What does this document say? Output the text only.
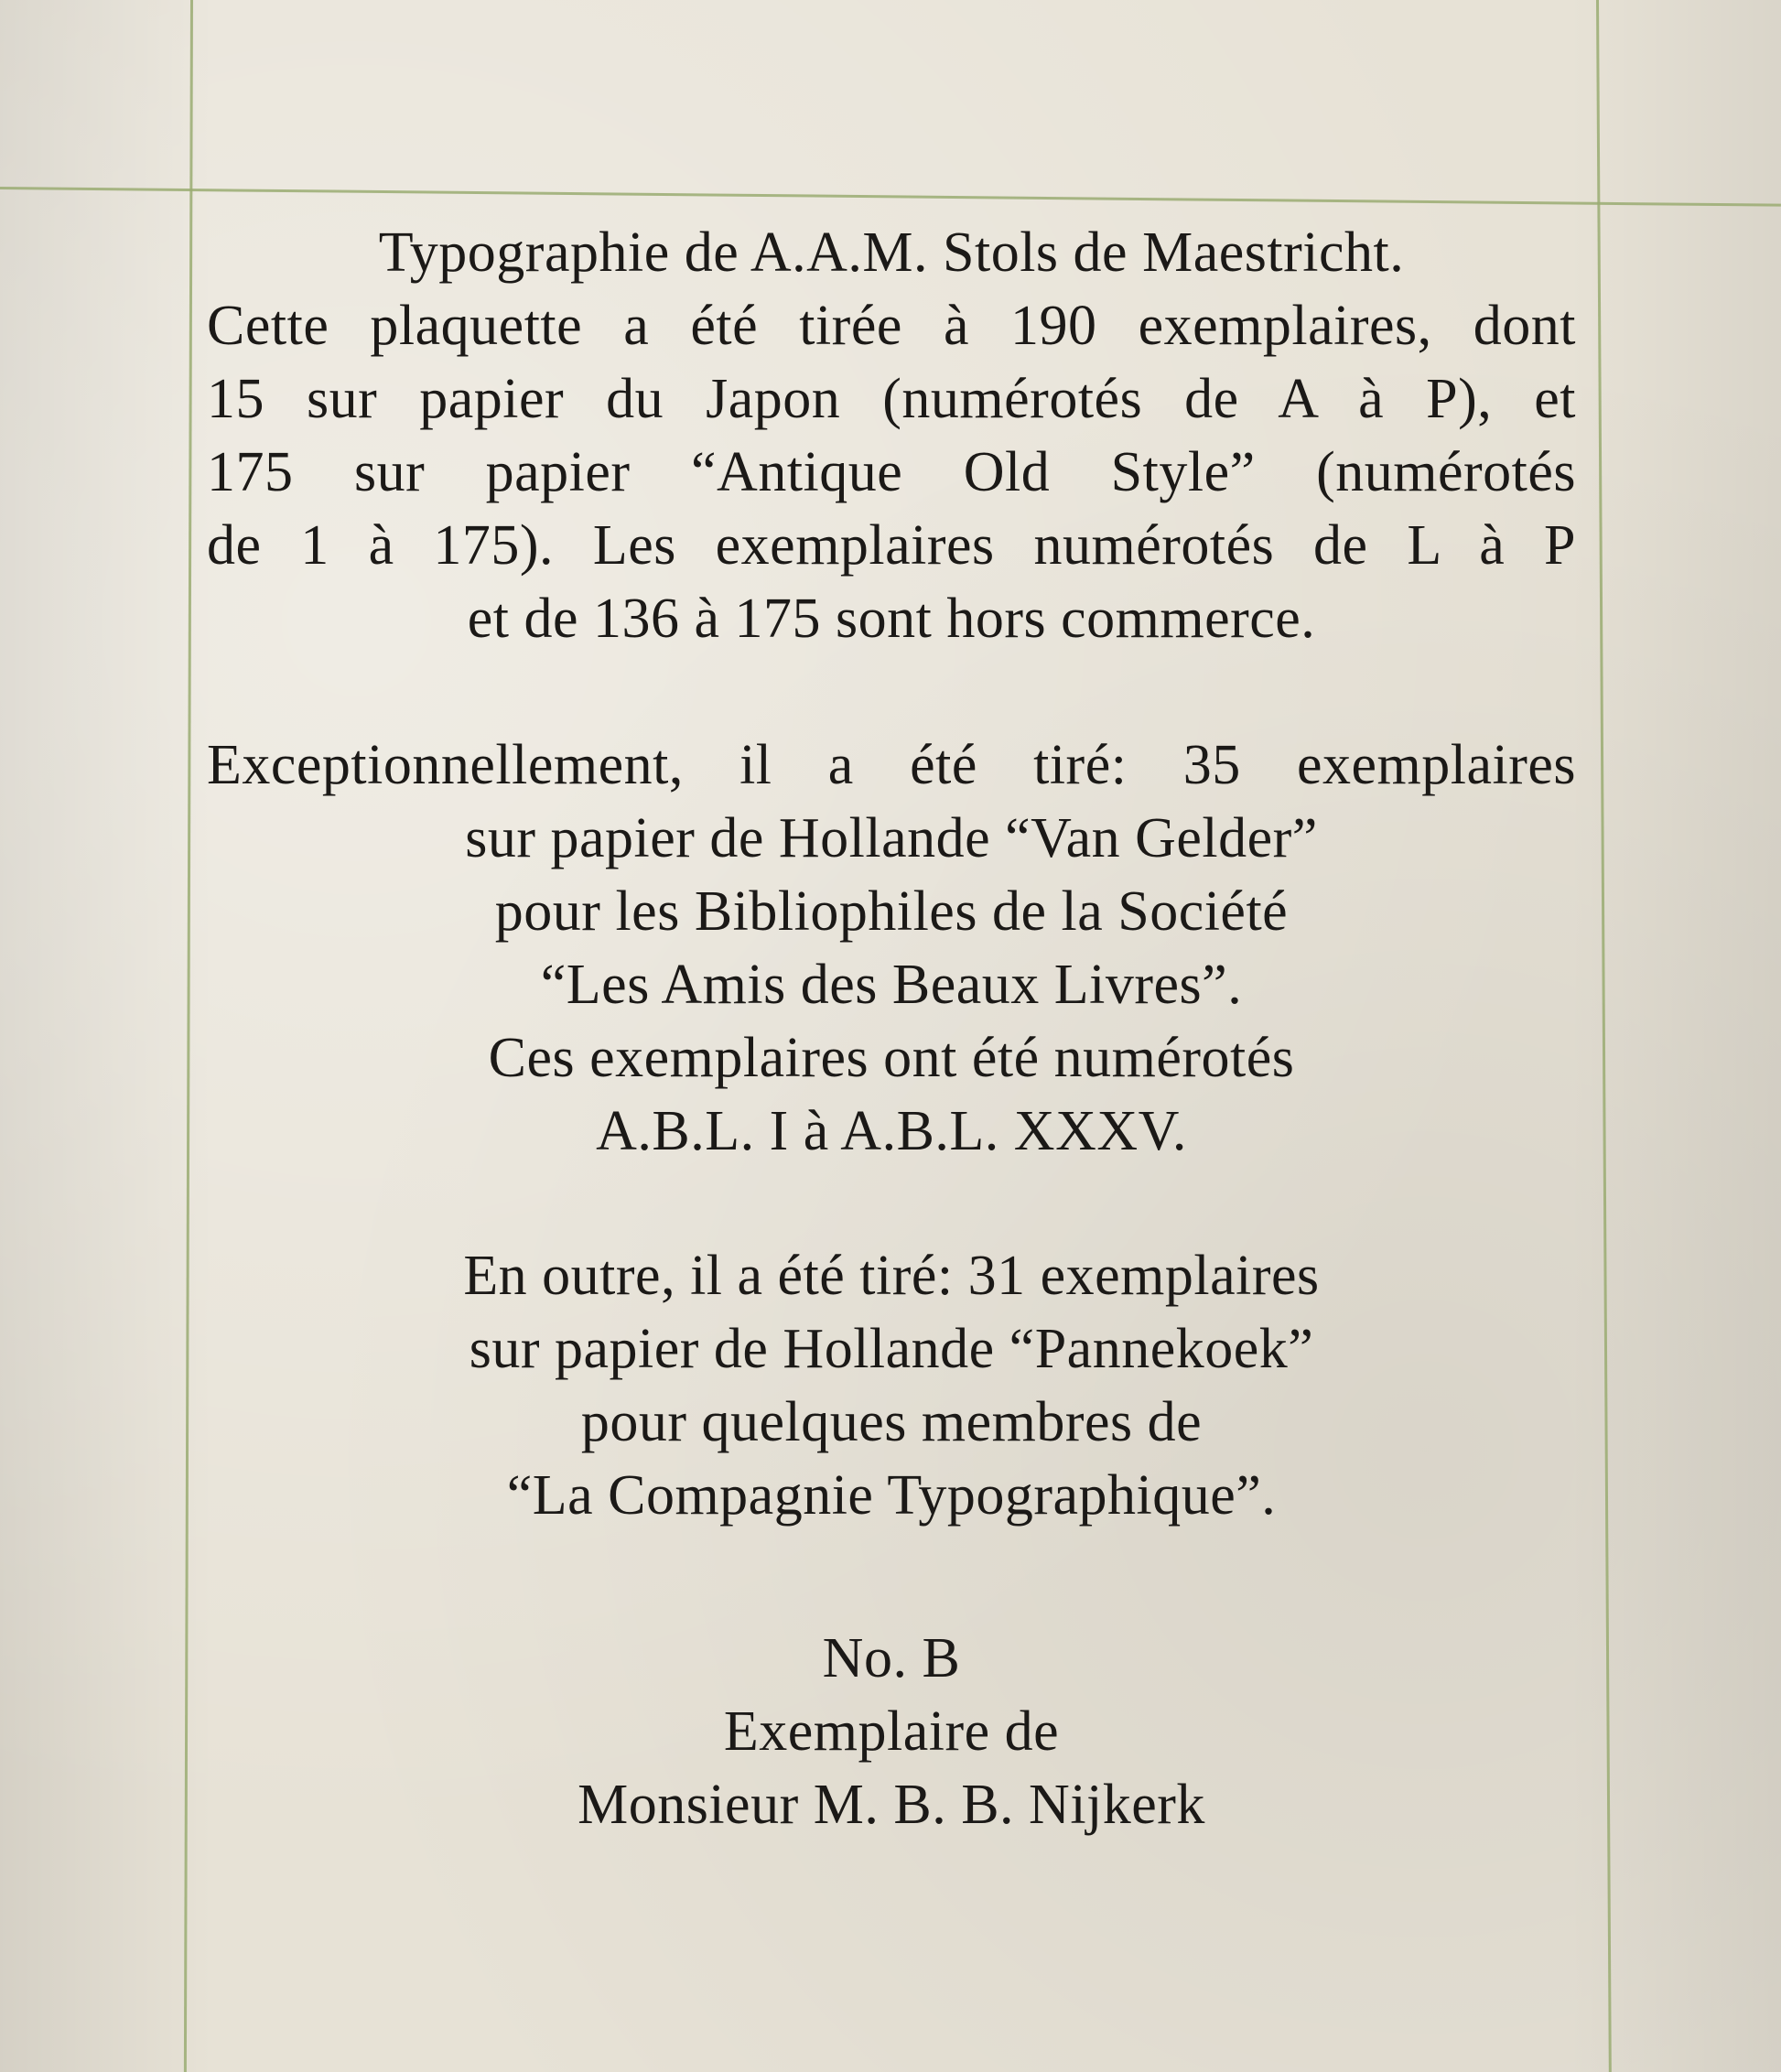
Typographie de A.A.M. Stols de Maestricht.
Cette plaquette a été tirée à 190 exemplaires, dont
15 sur papier du Japon (numérotés de A à P), et
175 sur papier “Antique Old Style” (numérotés
de 1 à 175). Les exemplaires numérotés de L à P
et de 136 à 175 sont hors commerce.
Exceptionnellement, il a été tiré: 35 exemplaires
sur papier de Hollande “Van Gelder”
pour les Bibliophiles de la Société
“Les Amis des Beaux Livres”.
Ces exemplaires ont été numérotés
A.B.L. I à A.B.L. XXXV.
En outre, il a été tiré: 31 exemplaires
sur papier de Hollande “Pannekoek”
pour quelques membres de
“La Compagnie Typographique”.
No. B
Exemplaire de
Monsieur M. B. B. Nijkerk
